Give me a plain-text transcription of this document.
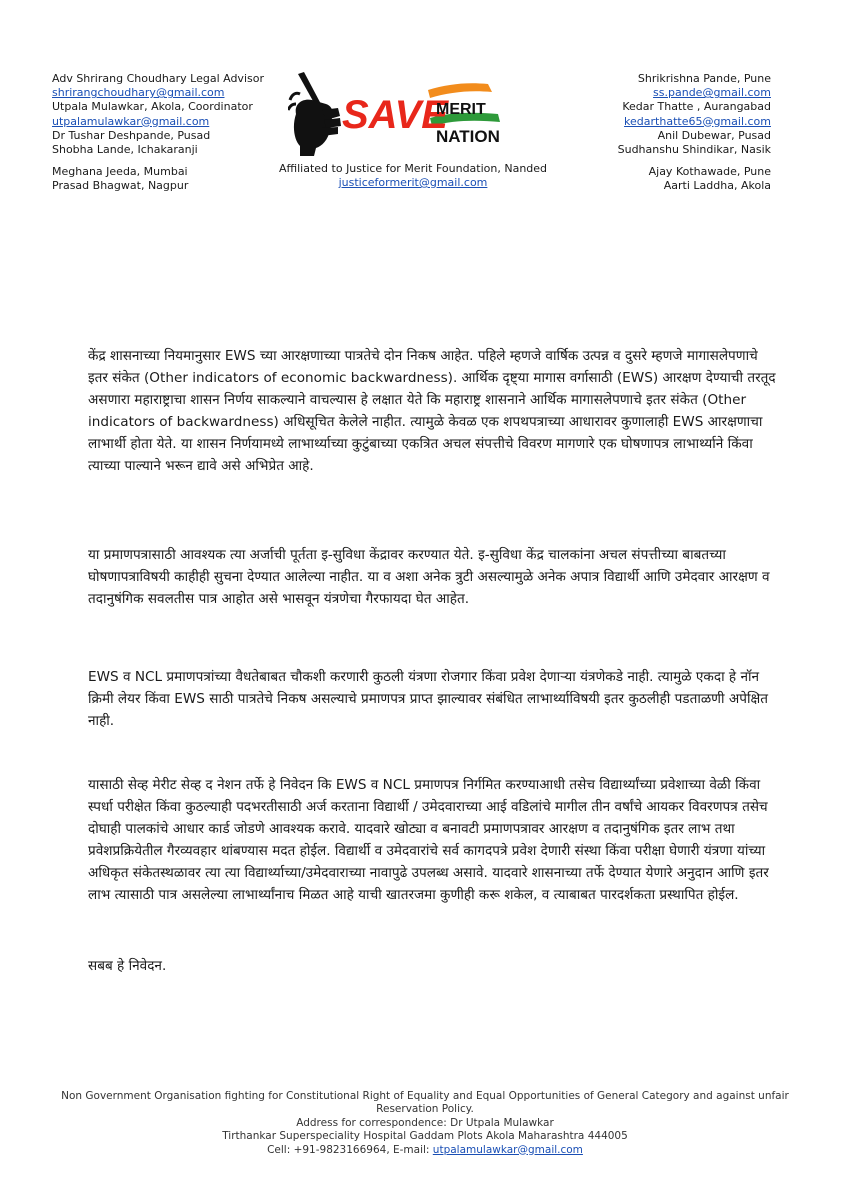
Adv Shrirang Choudhary Legal Advisor
shrirangchoudhary@gmail.com
Utpala Mulawkar, Akola, Coordinator
utpalamulawkar@gmail.com
Dr Tushar Deshpande, Pusad
Shobha Lande, Ichakaranji
Meghana Jeeda, Mumbai
Prasad Bhagwat, Nagpur
SAVE
MERIT
NATION
Affiliated to Justice for Merit Foundation, Nanded
justiceformerit@gmail.com
Shrikrishna Pande, Pune
ss.pande@gmail.com
Kedar Thatte , Aurangabad
kedarthatte65@gmail.com
Anil Dubewar, Pusad
Sudhanshu Shindikar, Nasik
Ajay Kothawade, Pune
Aarti Laddha, Akola

केंद्र शासनाच्या नियमानुसार EWS च्या आरक्षणाच्या पात्रतेचे दोन निकष आहेत. पहिले म्हणजे वार्षिक उत्पन्न व दुसरे म्हणजे मागासलेपणाचे इतर संकेत (Other indicators of economic backwardness). आर्थिक दृष्ट्या मागास वर्गासाठी (EWS) आरक्षण देण्याची तरतूद असणारा महाराष्ट्राचा शासन निर्णय साकल्याने वाचल्यास हे लक्षात येते कि महाराष्ट्र शासनाने आर्थिक मागासलेपणाचे इतर संकेत (Other indicators of backwardness) अधिसूचित केलेले नाहीत. त्यामुळे केवळ एक शपथपत्राच्या आधारावर कुणालाही EWS आरक्षणाचा लाभार्थी होता येते. या शासन निर्णयामध्ये लाभार्थ्याच्या कुटुंबाच्या एकत्रित अचल संपत्तीचे विवरण मागणारे एक घोषणापत्र लाभार्थ्याने किंवा त्याच्या पाल्याने भरून द्यावे असे अभिप्रेत आहे.

या प्रमाणपत्रासाठी आवश्यक त्या अर्जाची पूर्तता इ-सुविधा केंद्रावर करण्यात येते. इ-सुविधा केंद्र चालकांना अचल संपत्तीच्या बाबतच्या घोषणापत्राविषयी काहीही सुचना देण्यात आलेल्या नाहीत. या व अशा अनेक त्रुटी असल्यामुळे अनेक अपात्र विद्यार्थी आणि उमेदवार आरक्षण व तदानुषंगिक सवलतीस पात्र आहोत असे भासवून यंत्रणेचा गैरफायदा घेत आहेत.

EWS व NCL प्रमाणपत्रांच्या वैधतेबाबत चौकशी करणारी कुठली यंत्रणा रोजगार किंवा प्रवेश देणाऱ्या यंत्रणेकडे नाही. त्यामुळे एकदा हे नॉन क्रिमी लेयर किंवा EWS साठी पात्रतेचे निकष असल्याचे प्रमाणपत्र प्राप्त झाल्यावर संबंधित लाभार्थ्याविषयी इतर कुठलीही पडताळणी अपेक्षित नाही.

यासाठी सेव्ह मेरीट सेव्ह द नेशन तर्फे हे निवेदन कि EWS व NCL प्रमाणपत्र निर्गमित करण्याआधी तसेच विद्यार्थ्यांच्या प्रवेशाच्या वेळी किंवा स्पर्धा परीक्षेत किंवा कुठल्याही पदभरतीसाठी अर्ज करताना विद्यार्थी / उमेदवाराच्या आई वडिलांचे मागील तीन वर्षांचे आयकर विवरणपत्र तसेच दोघाही पालकांचे आधार कार्ड जोडणे आवश्यक करावे. यादवारे खोट्या व बनावटी प्रमाणपत्रावर आरक्षण व तदानुषंगिक इतर लाभ तथा प्रवेशप्रक्रियेतील गैरव्यवहार थांबण्यास मदत होईल. विद्यार्थी व उमेदवारांचे सर्व कागदपत्रे प्रवेश देणारी संस्था किंवा परीक्षा घेणारी यंत्रणा यांच्या अधिकृत संकेतस्थळावर त्या त्या विद्यार्थ्याच्या/उमेदवाराच्या नावापुढे उपलब्ध असावे. यादवारे शासनाच्या तर्फे देण्यात येणारे अनुदान आणि इतर लाभ त्यासाठी पात्र असलेल्या लाभार्थ्यांनाच मिळत आहे याची खातरजमा कुणीही करू शकेल, व त्याबाबत पारदर्शकता प्रस्थापित होईल.

सबब हे निवेदन.

Non Government Organisation fighting for Constitutional Right of Equality and Equal Opportunities of General Category and against unfair
Reservation Policy.
Address for correspondence: Dr Utpala Mulawkar
Tirthankar Superspeciality Hospital Gaddam Plots Akola Maharashtra 444005
Cell: +91-9823166964, E-mail: utpalamulawkar@gmail.com
